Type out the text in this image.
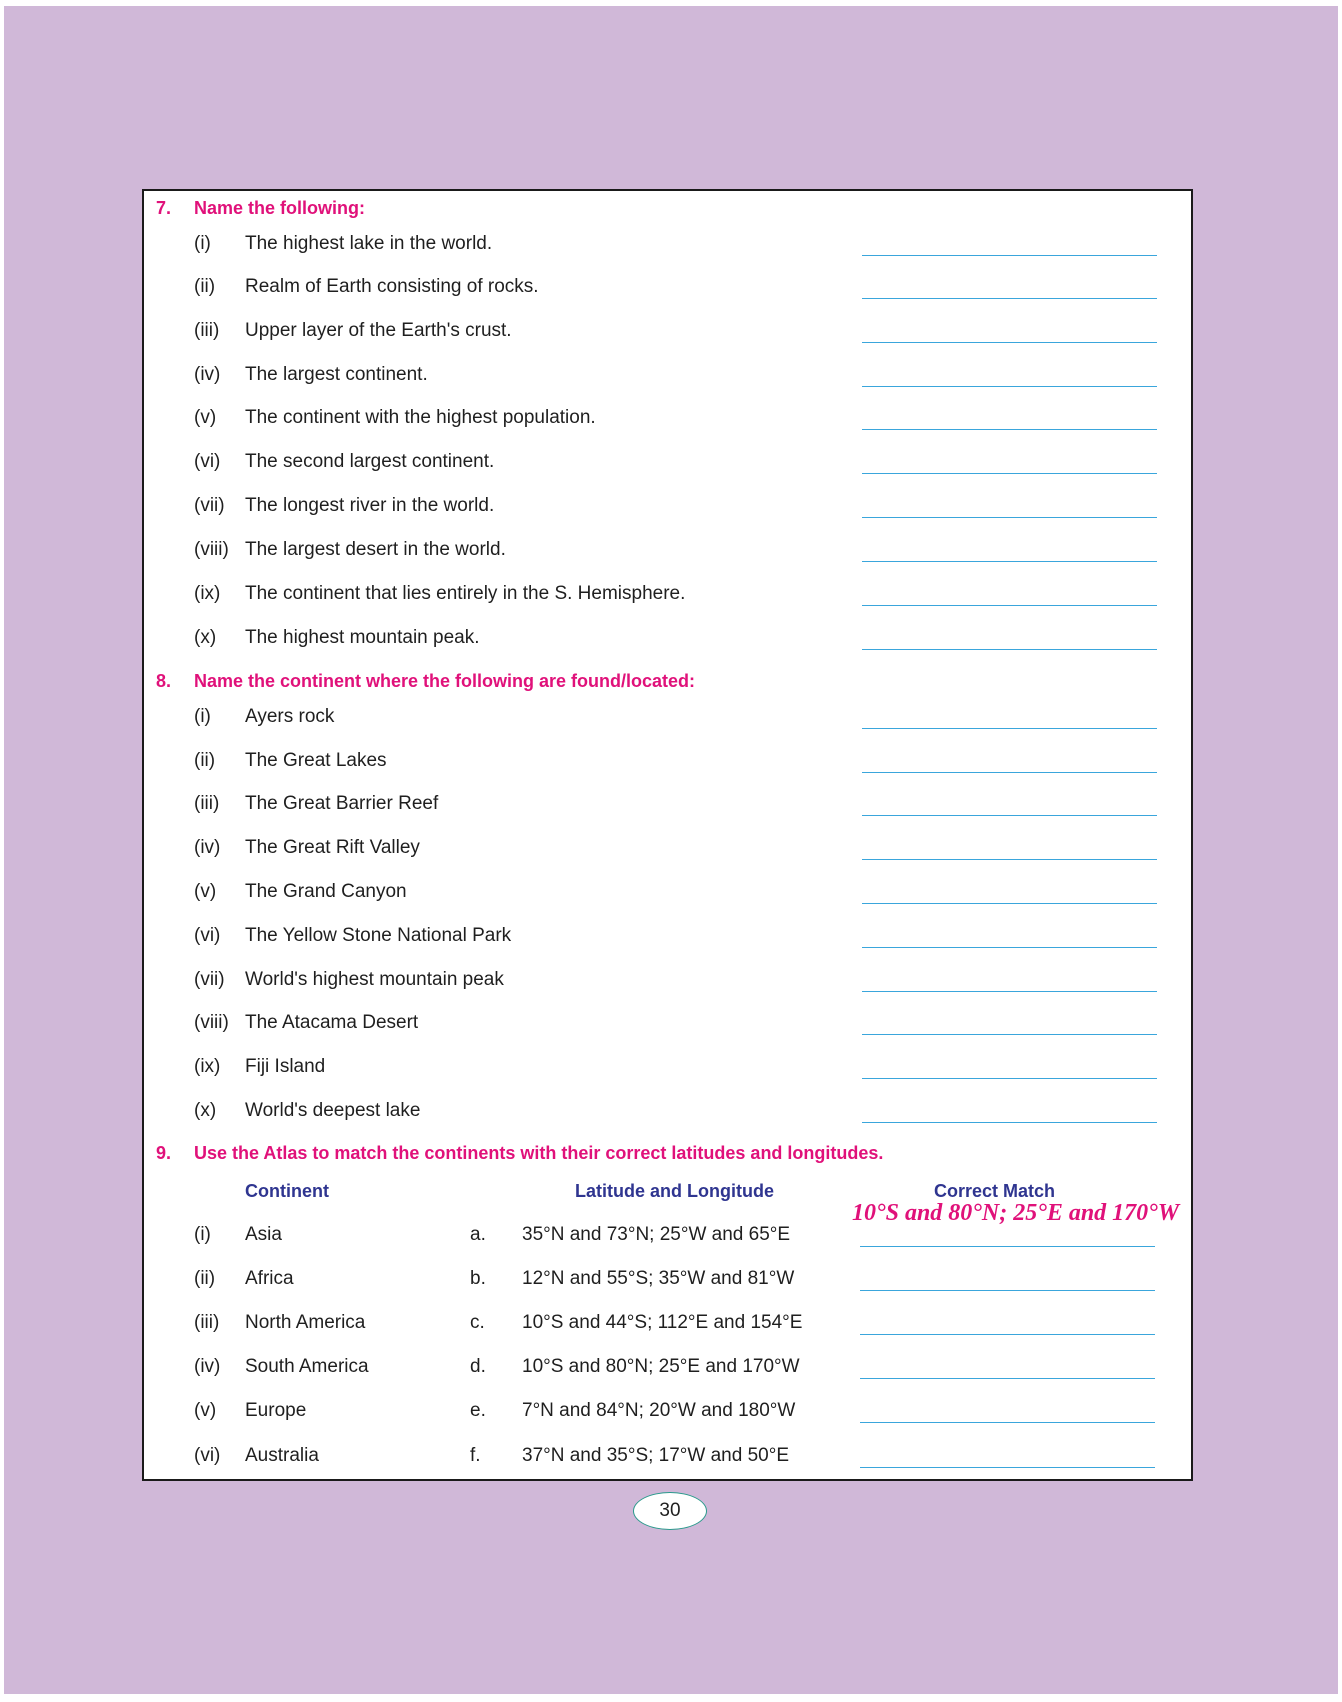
7. Name the following:
(i) The highest lake in the world.
(ii) Realm of Earth consisting of rocks.
(iii) Upper layer of the Earth's crust.
(iv) The largest continent.
(v) The continent with the highest population.
(vi) The second largest continent.
(vii) The longest river in the world.
(viii) The largest desert in the world.
(ix) The continent that lies entirely in the S. Hemisphere.
(x) The highest mountain peak.
8. Name the continent where the following are found/located:
(i) Ayers rock
(ii) The Great Lakes
(iii) The Great Barrier Reef
(iv) The Great Rift Valley
(v) The Grand Canyon
(vi) The Yellow Stone National Park
(vii) World's highest mountain peak
(viii) The Atacama Desert
(ix) Fiji Island
(x) World's deepest lake
9. Use the Atlas to match the continents with their correct latitudes and longitudes.
Continent	Latitude and Longitude	Correct Match
10°S and 80°N; 25°E and 170°W
(i) Asia	a. 35°N and 73°N; 25°W and 65°E
(ii) Africa	b. 12°N and 55°S; 35°W and 81°W
(iii) North America	c. 10°S and 44°S; 112°E and 154°E
(iv) South America	d. 10°S and 80°N; 25°E and 170°W
(v) Europe	e. 7°N and 84°N; 20°W and 180°W
(vi) Australia	f. 37°N and 35°S; 17°W and 50°E
30
